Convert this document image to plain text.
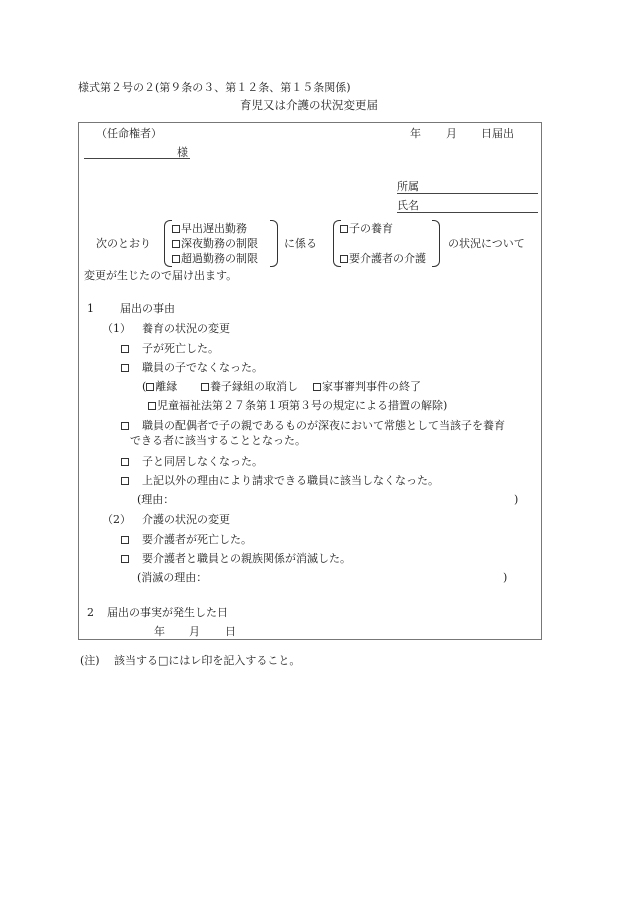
様式第２号の２(第９条の３、第１２条、第１５条関係)
育児又は介護の状況変更届
（任命権者）	年 月 日届出
様
所属
氏名
次のとおり
早出遅出勤務
深夜勤務の制限
超過勤務の制限
に係る
子の養育
要介護者の介護
の状況について
変更が生じたので届け出ます。
1 届出の事由
（1） 養育の状況の変更
子が死亡した。
職員の子でなくなった。
( 離縁	養子縁組の取消し	家事審判事件の終了
児童福祉法第２７条第１項第３号の規定による措置の解除)
職員の配偶者で子の親であるものが深夜において常態として当該子を養育
できる者に該当することとなった。
子と同居しなくなった。
上記以外の理由により請求できる職員に該当しなくなった。
(理由：	)
（2） 介護の状況の変更
要介護者が死亡した。
要介護者と職員との親族関係が消滅した。
(消滅の理由：	)
2 届出の事実が発生した日
年 月 日
(注) 該当する□にはレ印を記入すること。
